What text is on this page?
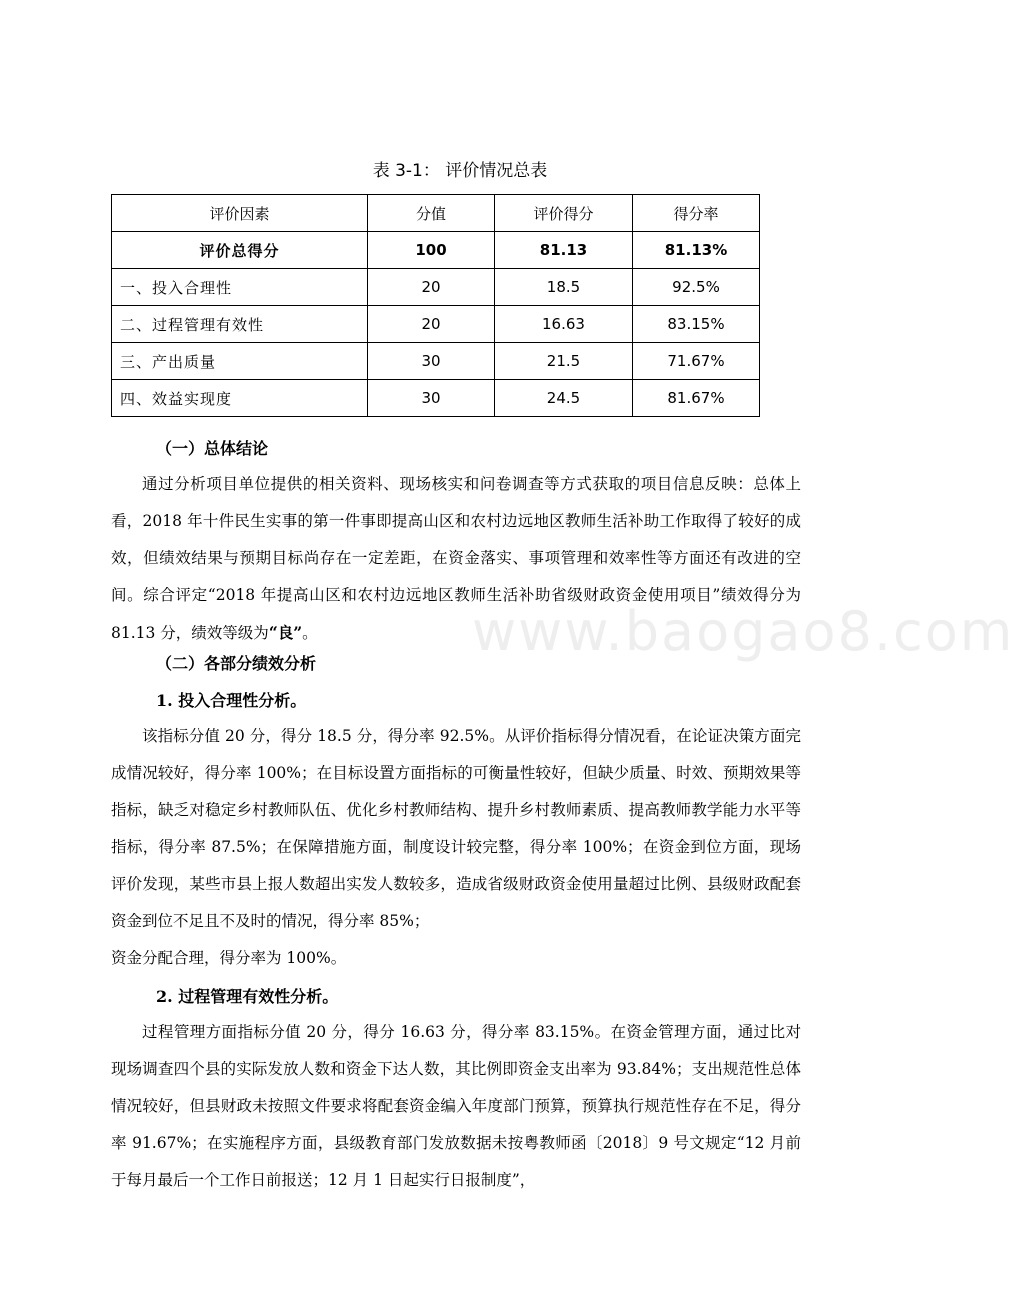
表 3-1： 评价情况总表
评价因素	分值	评价得分	得分率
评价总得分	100	81.13	81.13%
一、投入合理性	20	18.5	92.5%
二、过程管理有效性	20	16.63	83.15%
三、产出质量	30	21.5	71.67%
四、效益实现度	30	24.5	81.67%
www.baogao8.com
（一）总体结论

通过分析项目单位提供的相关资料、现场核实和问卷调查等方式获取的项目信息反映：总体上看，2018 年十件民生实事的第一件事即提高山区和农村边远地区教师生活补助工作取得了较好的成效，但绩效结果与预期目标尚存在一定差距，在资金落实、事项管理和效率性等方面还有改进的空间。综合评定“2018 年提高山区和农村边远地区教师生活补助省级财政资金使用项目”绩效得分为 81.13 分，绩效等级为“良”。

（二）各部分绩效分析
1. 投入合理性分析。

该指标分值 20 分，得分 18.5 分，得分率 92.5%。从评价指标得分情况看，在论证决策方面完成情况较好，得分率 100%；在目标设置方面指标的可衡量性较好，但缺少质量、时效、预期效果等指标，缺乏对稳定乡村教师队伍、优化乡村教师结构、提升乡村教师素质、提高教师教学能力水平等指标，得分率 87.5%；在保障措施方面，制度设计较完整，得分率 100%；在资金到位方面，现场评价发现，某些市县上报人数超出实发人数较多，造成省级财政资金使用量超过比例、县级财政配套资金到位不足且不及时的情况，得分率 85%；

资金分配合理，得分率为 100%。

2. 过程管理有效性分析。

过程管理方面指标分值 20 分，得分 16.63 分，得分率 83.15%。在资金管理方面，通过比对现场调查四个县的实际发放人数和资金下达人数，其比例即资金支出率为 93.84%；支出规范性总体情况较好，但县财政未按照文件要求将配套资金编入年度部门预算，预算执行规范性存在不足，得分率 91.67%；在实施程序方面，县级教育部门发放数据未按粤教师函〔2018〕9 号文规定“12 月前于每月最后一个工作日前报送；12 月 1 日起实行日报制度”，
